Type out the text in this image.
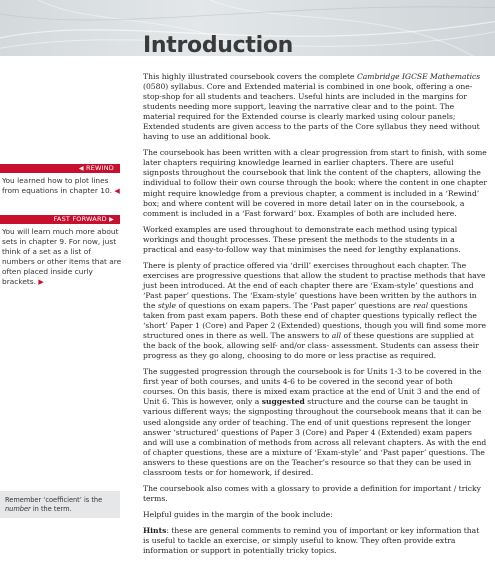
Introduction
◀ REWIND
You learned how to plot lines from equations in chapter 10. ◀
FAST FORWARD ▶
You will learn much more about sets in chapter 9. For now, just think of a set as a list of numbers or other items that are often placed inside curly brackets. ▶
Remember ‘coefficient’ is the number in the term.

This highly illustrated coursebook covers the complete Cambridge IGCSE Mathematics (0580) syllabus. Core and Extended material is combined in one book, offering a one-stop-shop for all students and teachers. Useful hints are included in the margins for students needing more support, leaving the narrative clear and to the point. The material required for the Extended course is clearly marked using colour panels; Extended students are given access to the parts of the Core syllabus they need without having to use an additional book.

The coursebook has been written with a clear progression from start to finish, with some later chapters requiring knowledge learned in earlier chapters. There are useful signposts throughout the coursebook that link the content of the chapters, allowing the individual to follow their own course through the book: where the content in one chapter might require knowledge from a previous chapter, a comment is included in a ‘Rewind’ box; and where content will be covered in more detail later on in the coursebook, a comment is included in a ‘Fast forward’ box. Examples of both are included here.

Worked examples are used throughout to demonstrate each method using typical workings and thought processes. These present the methods to the students in a practical and easy-to-follow way that minimises the need for lengthy explanations.

There is plenty of practice offered via ‘drill’ exercises throughout each chapter. The exercises are progressive questions that allow the student to practise methods that have just been introduced. At the end of each chapter there are ‘Exam-style’ questions and ‘Past paper’ questions. The ‘Exam-style’ questions have been written by the authors in the style of questions on exam papers. The ‘Past paper’ questions are real questions taken from past exam papers. Both these end of chapter questions typically reflect the ‘short’ Paper 1 (Core) and Paper 2 (Extended) questions, though you will find some more structured ones in there as well. The answers to all of these questions are supplied at the back of the book, allowing self- and/or class- assessment. Students can assess their progress as they go along, choosing to do more or less practise as required.

The suggested progression through the coursebook is for Units 1-3 to be covered in the first year of both courses, and units 4-6 to be covered in the second year of both courses. On this basis, there is mixed exam practice at the end of Unit 3 and the end of Unit 6. This is however, only a suggested structure and the course can be taught in various different ways; the signposting throughout the coursebook means that it can be used alongside any order of teaching. The end of unit questions represent the longer answer ‘structured’ questions of Paper 3 (Core) and Paper 4 (Extended) exam papers and will use a combination of methods from across all relevant chapters. As with the end of chapter questions, these are a mixture of ‘Exam-style’ and ‘Past paper’ questions. The answers to these questions are on the Teacher’s resource so that they can be used in classroom tests or for homework, if desired.

The coursebook also comes with a glossary to provide a definition for important / tricky terms.

Helpful guides in the margin of the book include:

Hints: these are general comments to remind you of important or key information that is useful to tackle an exercise, or simply useful to know. They often provide extra information or support in potentially tricky topics.
